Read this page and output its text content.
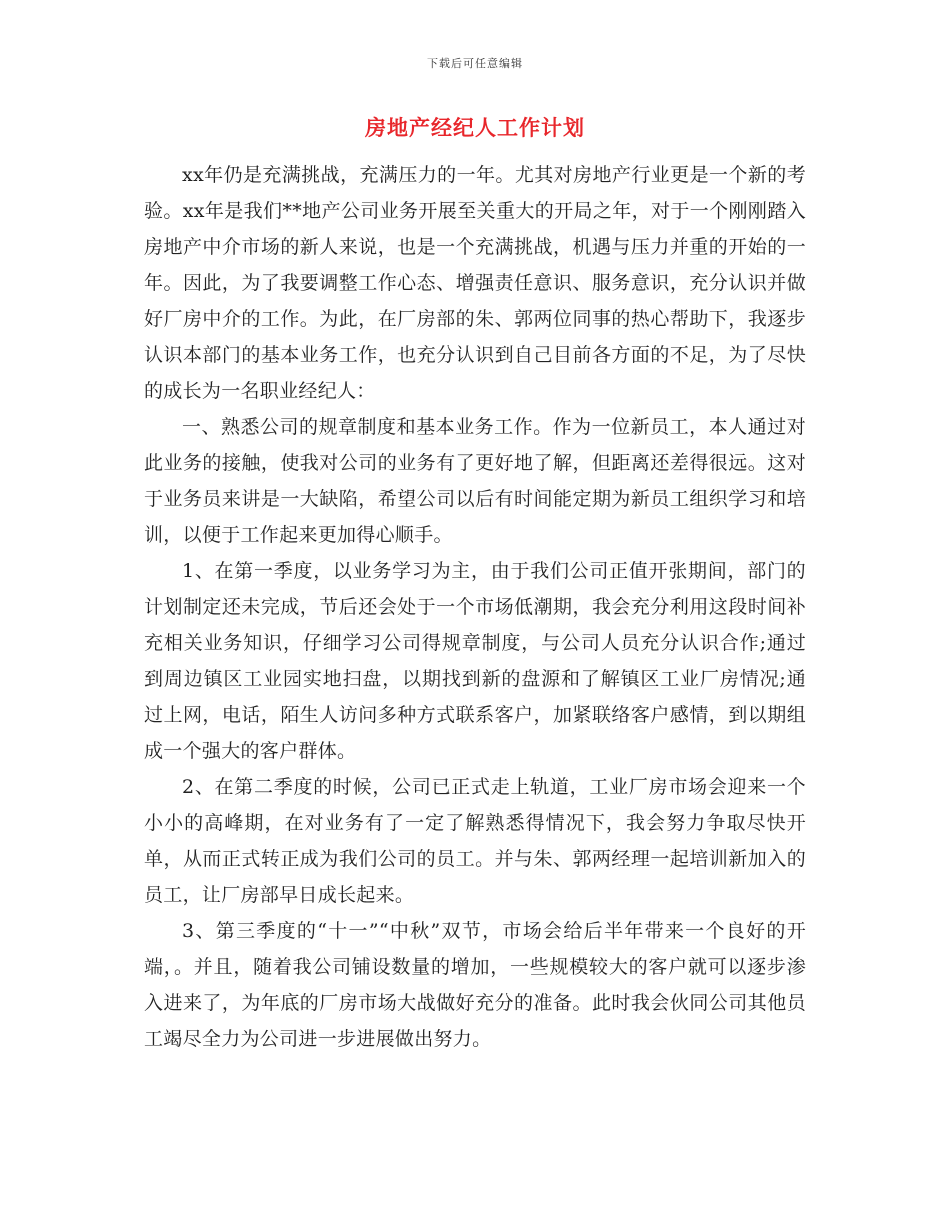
下载后可任意编辑
房地产经纪人工作计划

xx年仍是充满挑战，充满压力的一年。尤其对房地产行业更是一个新的考验。xx年是我们**地产公司业务开展至关重大的开局之年，对于一个刚刚踏入房地产中介市场的新人来说，也是一个充满挑战，机遇与压力并重的开始的一年。因此，为了我要调整工作心态、增强责任意识、服务意识，充分认识并做好厂房中介的工作。为此，在厂房部的朱、郭两位同事的热心帮助下，我逐步认识本部门的基本业务工作，也充分认识到自己目前各方面的不足，为了尽快的成长为一名职业经纪人：

一、熟悉公司的规章制度和基本业务工作。作为一位新员工，本人通过对此业务的接触，使我对公司的业务有了更好地了解，但距离还差得很远。这对于业务员来讲是一大缺陷，希望公司以后有时间能定期为新员工组织学习和培训，以便于工作起来更加得心顺手。

1、在第一季度，以业务学习为主，由于我们公司正值开张期间，部门的计划制定还未完成，节后还会处于一个市场低潮期，我会充分利用这段时间补充相关业务知识，仔细学习公司得规章制度，与公司人员充分认识合作;通过到周边镇区工业园实地扫盘，以期找到新的盘源和了解镇区工业厂房情况;通过上网，电话，陌生人访问多种方式联系客户，加紧联络客户感情，到以期组成一个强大的客户群体。

2、在第二季度的时候，公司已正式走上轨道，工业厂房市场会迎来一个小小的高峰期，在对业务有了一定了解熟悉得情况下，我会努力争取尽快开单，从而正式转正成为我们公司的员工。并与朱、郭两经理一起培训新加入的员工，让厂房部早日成长起来。

3、第三季度的“十一”“中秋”双节，市场会给后半年带来一个良好的开端，。并且，随着我公司铺设数量的增加，一些规模较大的客户就可以逐步渗入进来了，为年底的厂房市场大战做好充分的准备。此时我会伙同公司其他员工竭尽全力为公司进一步进展做出努力。
